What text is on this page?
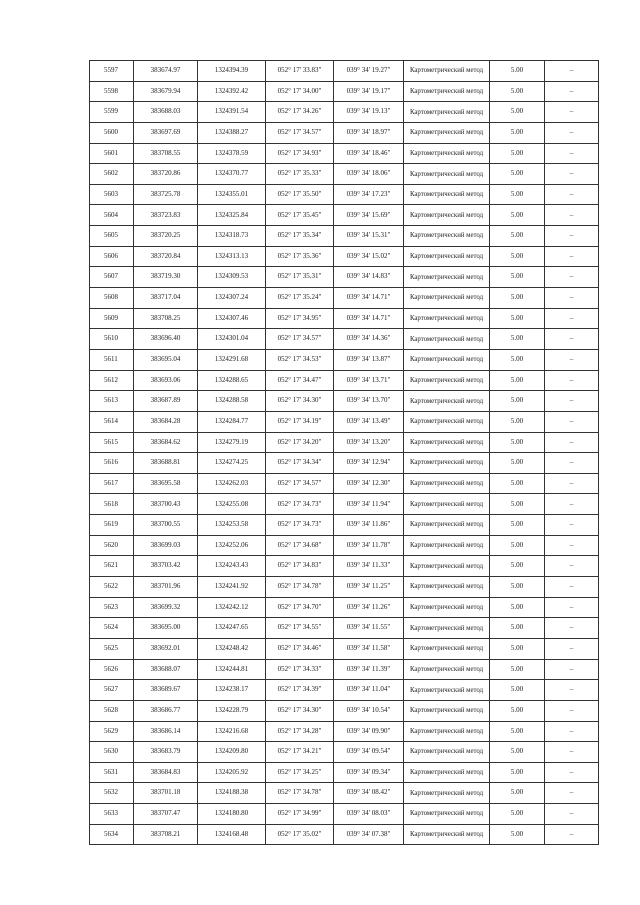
5597	383674.97	1324394.39	052° 17' 33.83"	039° 34' 19.27"	Картометрический метод	5.00	–
5598	383679.94	1324392.42	052° 17' 34.00"	039° 34' 19.17"	Картометрический метод	5.00	–
5599	383688.03	1324391.54	052° 17' 34.26"	039° 34' 19.13"	Картометрический метод	5.00	–
5600	383697.69	1324388.27	052° 17' 34.57"	039° 34' 18.97"	Картометрический метод	5.00	–
5601	383708.55	1324378.59	052° 17' 34.93"	039° 34' 18.46"	Картометрический метод	5.00	–
5602	383720.86	1324370.77	052° 17' 35.33"	039° 34' 18.06"	Картометрический метод	5.00	–
5603	383725.78	1324355.01	052° 17' 35.50"	039° 34' 17.23"	Картометрический метод	5.00	–
5604	383723.83	1324325.84	052° 17' 35.45"	039° 34' 15.69"	Картометрический метод	5.00	–
5605	383720.25	1324318.73	052° 17' 35.34"	039° 34' 15.31"	Картометрический метод	5.00	–
5606	383720.84	1324313.13	052° 17' 35.36"	039° 34' 15.02"	Картометрический метод	5.00	–
5607	383719.30	1324309.53	052° 17' 35.31"	039° 34' 14.83"	Картометрический метод	5.00	–
5608	383717.04	1324307.24	052° 17' 35.24"	039° 34' 14.71"	Картометрический метод	5.00	–
5609	383708.25	1324307.46	052° 17' 34.95"	039° 34' 14.71"	Картометрический метод	5.00	–
5610	383696.40	1324301.04	052° 17' 34.57"	039° 34' 14.36"	Картометрический метод	5.00	–
5611	383695.04	1324291.68	052° 17' 34.53"	039° 34' 13.87"	Картометрический метод	5.00	–
5612	383693.06	1324288.65	052° 17' 34.47"	039° 34' 13.71"	Картометрический метод	5.00	–
5613	383687.89	1324288.58	052° 17' 34.30"	039° 34' 13.70"	Картометрический метод	5.00	–
5614	383684.28	1324284.77	052° 17' 34.19"	039° 34' 13.49"	Картометрический метод	5.00	–
5615	383684.62	1324279.19	052° 17' 34.20"	039° 34' 13.20"	Картометрический метод	5.00	–
5616	383688.81	1324274.25	052° 17' 34.34"	039° 34' 12.94"	Картометрический метод	5.00	–
5617	383695.58	1324262.03	052° 17' 34.57"	039° 34' 12.30"	Картометрический метод	5.00	–
5618	383700.43	1324255.08	052° 17' 34.73"	039° 34' 11.94"	Картометрический метод	5.00	–
5619	383700.55	1324253.58	052° 17' 34.73"	039° 34' 11.86"	Картометрический метод	5.00	–
5620	383699.03	1324252.06	052° 17' 34.68"	039° 34' 11.78"	Картометрический метод	5.00	–
5621	383703.42	1324243.43	052° 17' 34.83"	039° 34' 11.33"	Картометрический метод	5.00	–
5622	383701.96	1324241.92	052° 17' 34.78"	039° 34' 11.25"	Картометрический метод	5.00	–
5623	383699.32	1324242.12	052° 17' 34.70"	039° 34' 11.26"	Картометрический метод	5.00	–
5624	383695.00	1324247.65	052° 17' 34.55"	039° 34' 11.55"	Картометрический метод	5.00	–
5625	383692.01	1324248.42	052° 17' 34.46"	039° 34' 11.58"	Картометрический метод	5.00	–
5626	383688.07	1324244.81	052° 17' 34.33"	039° 34' 11.39"	Картометрический метод	5.00	–
5627	383689.67	1324238.17	052° 17' 34.39"	039° 34' 11.04"	Картометрический метод	5.00	–
5628	383686.77	1324228.79	052° 17' 34.30"	039° 34' 10.54"	Картометрический метод	5.00	–
5629	383686.14	1324216.68	052° 17' 34.28"	039° 34' 09.90"	Картометрический метод	5.00	–
5630	383683.79	1324209.80	052° 17' 34.21"	039° 34' 09.54"	Картометрический метод	5.00	–
5631	383684.83	1324205.92	052° 17' 34.25"	039° 34' 09.34"	Картометрический метод	5.00	–
5632	383701.18	1324188.38	052° 17' 34.78"	039° 34' 08.42"	Картометрический метод	5.00	–
5633	383707.47	1324180.80	052° 17' 34.99"	039° 34' 08.03"	Картометрический метод	5.00	–
5634	383708.21	1324168.48	052° 17' 35.02"	039° 34' 07.38"	Картометрический метод	5.00	–
